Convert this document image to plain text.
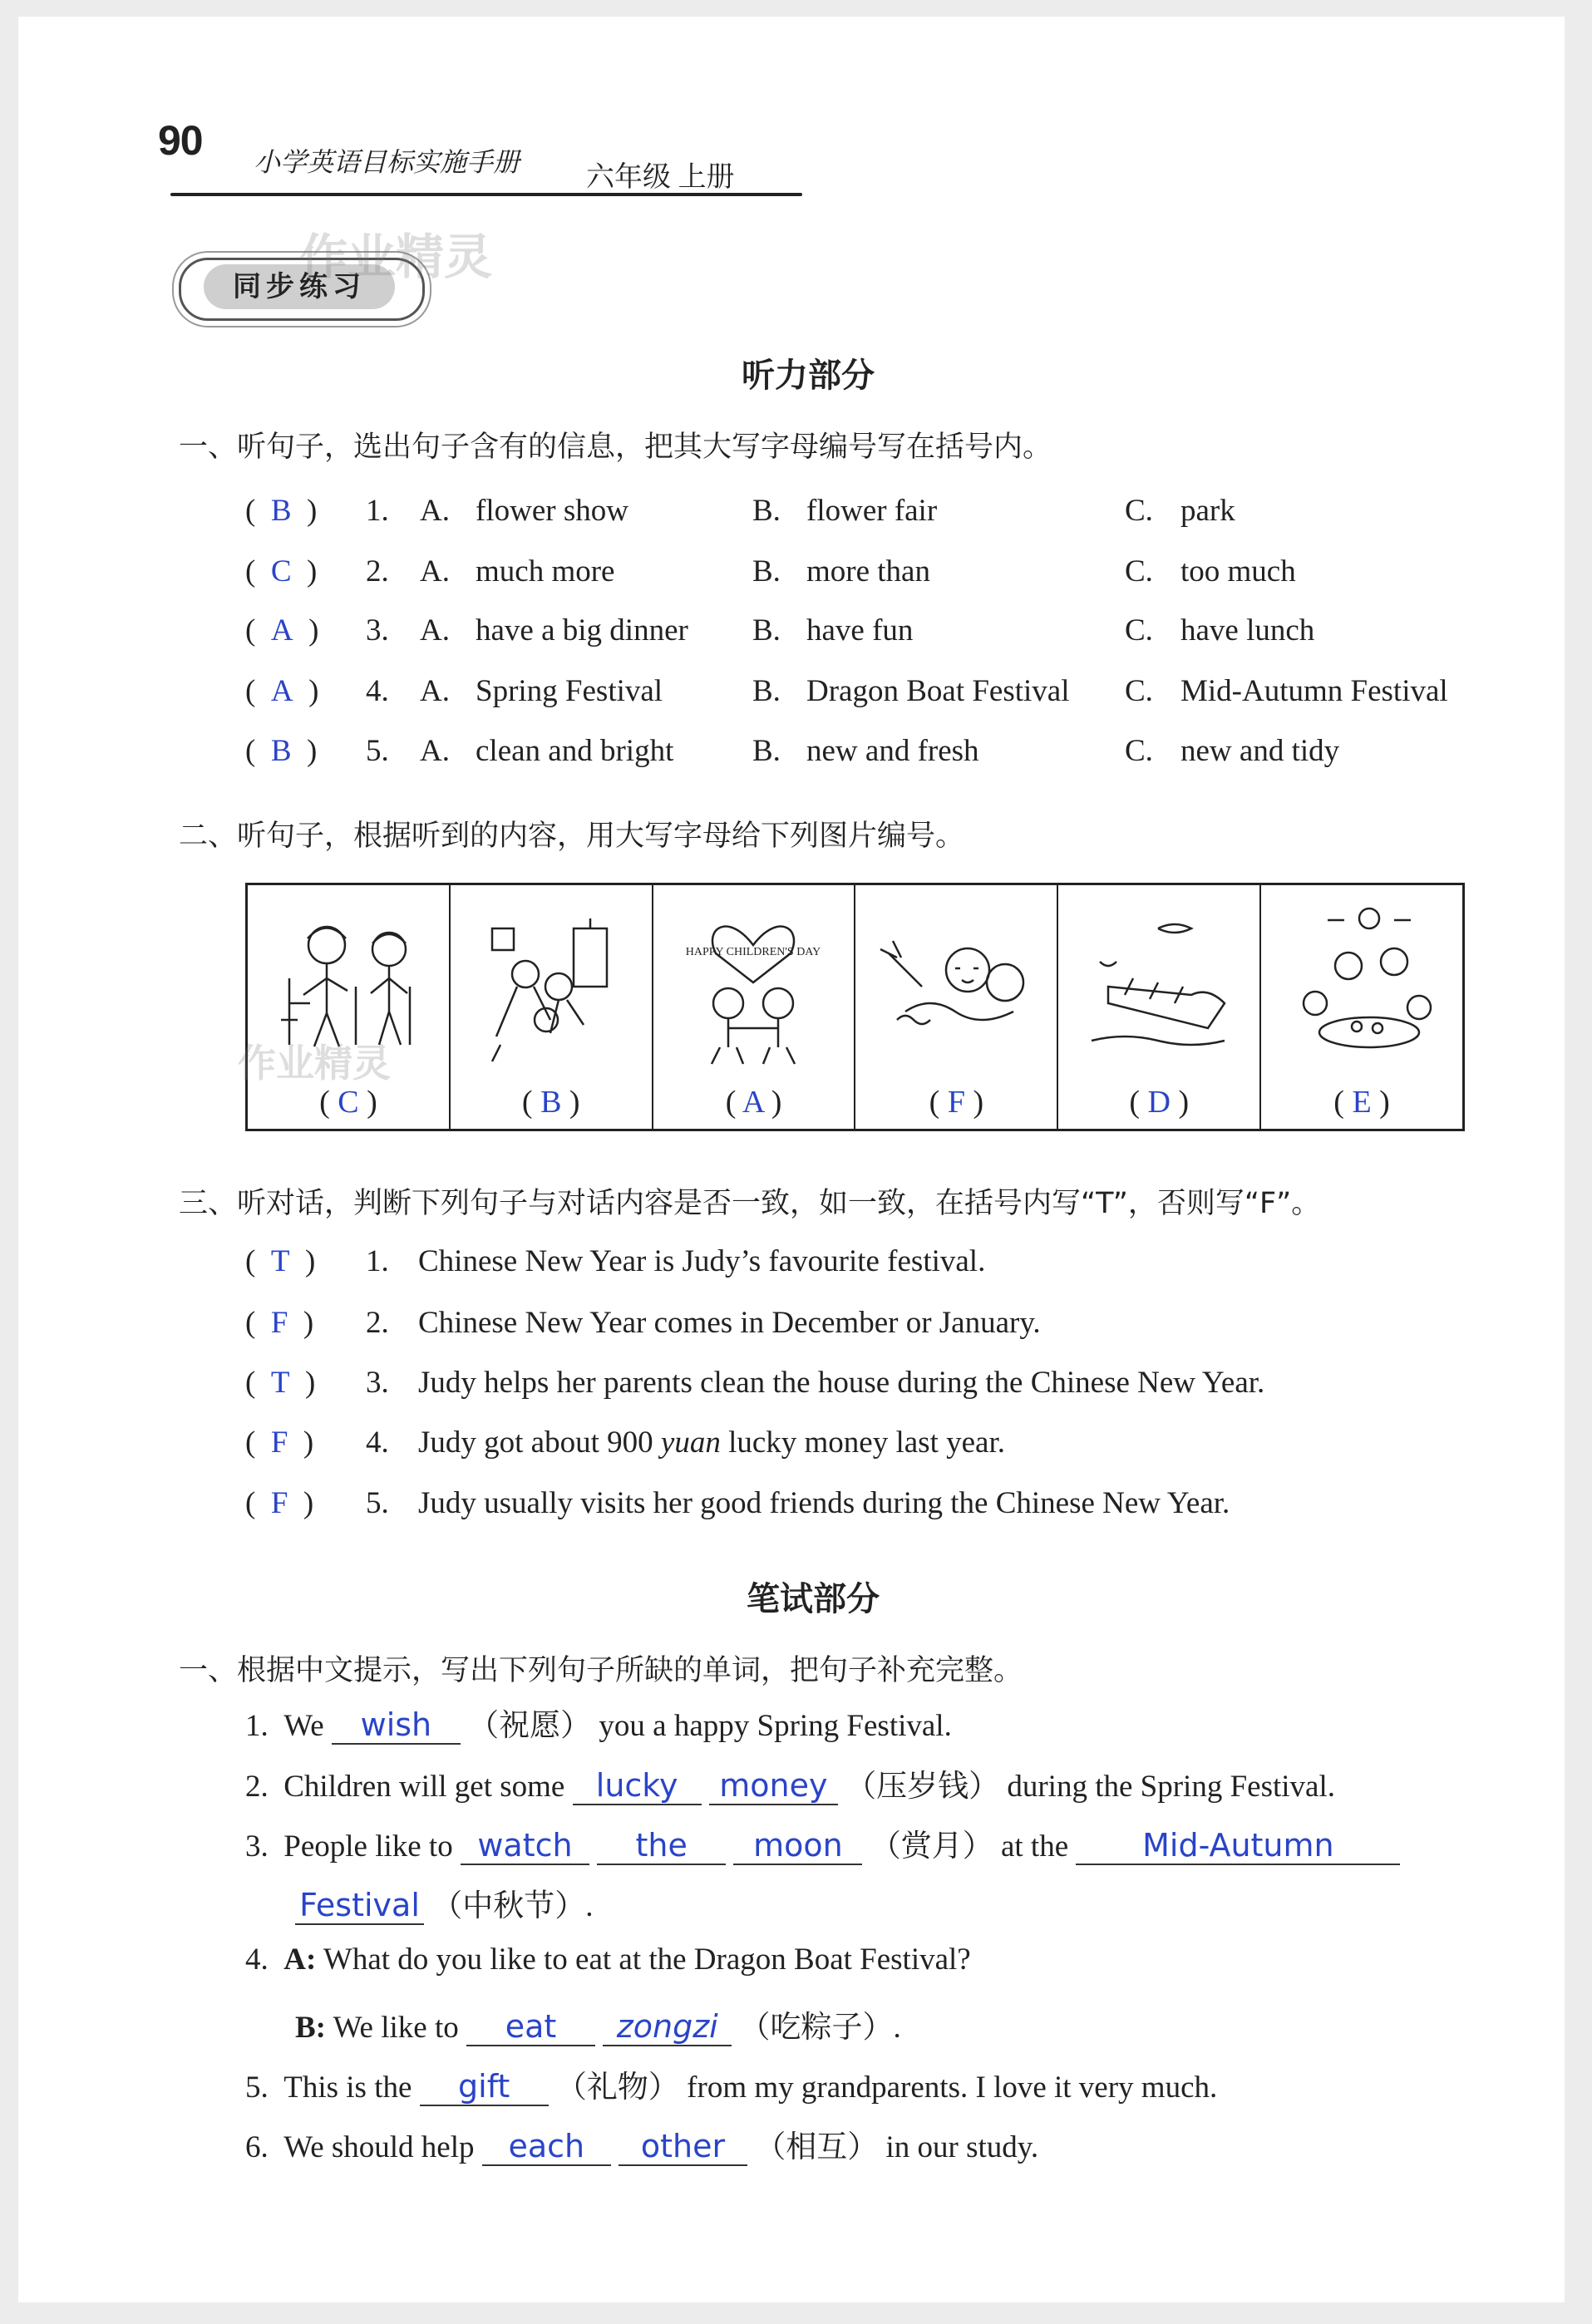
90 小学英语目标实施手册 六年级 上册
同步练习
作业精灵
听力部分
一、听句子，选出句子含有的信息，把其大写字母编号写在括号内。
(  B  ) 1. A. flower show	B. flower fair	C. park
(  C  ) 2. A. much more	B. more than	C. too much
(  A  ) 3. A. have a big dinner B. have fun	C. have lunch
(  A  ) 4. A. Spring Festival	B. Dragon Boat Festival C. Mid-Autumn Festival
(  B  ) 5. A. clean and bright	B. new and fresh	C. new and tidy
二、听句子，根据听到的内容，用大写字母给下列图片编号。
作业精灵
( C )	( B )
HAPPY CHILDREN'S DAY
( A )	( F )	( D )	( E )
三、听对话，判断下列句子与对话内容是否一致，如一致，在括号内写“T”，否则写“F”。
(  T  ) 1. Chinese New Year is Judy’s favourite festival.
(  F  ) 2. Chinese New Year comes in December or January.
(  T  ) 3. Judy helps her parents clean the house during the Chinese New Year.
(  F  ) 4. Judy got about 900 yuan lucky money last year.
(  F  ) 5. Judy usually visits her good friends during the Chinese New Year.
笔试部分
一、根据中文提示，写出下列句子所缺的单词，把句子补充完整。
1. We wish （祝愿） you a happy Spring Festival.
2. Children will get some lucky money （压岁钱） during the Spring Festival.
3. People like to watch the moon （赏月） at the Mid-Autumn
Festival （中秋节）.
4. A: What do you like to eat at the Dragon Boat Festival?
B: We like to eat zongzi （吃粽子）.
5. This is the gift （礼物） from my grandparents. I love it very much.
6. We should help each other （相互） in our study.
